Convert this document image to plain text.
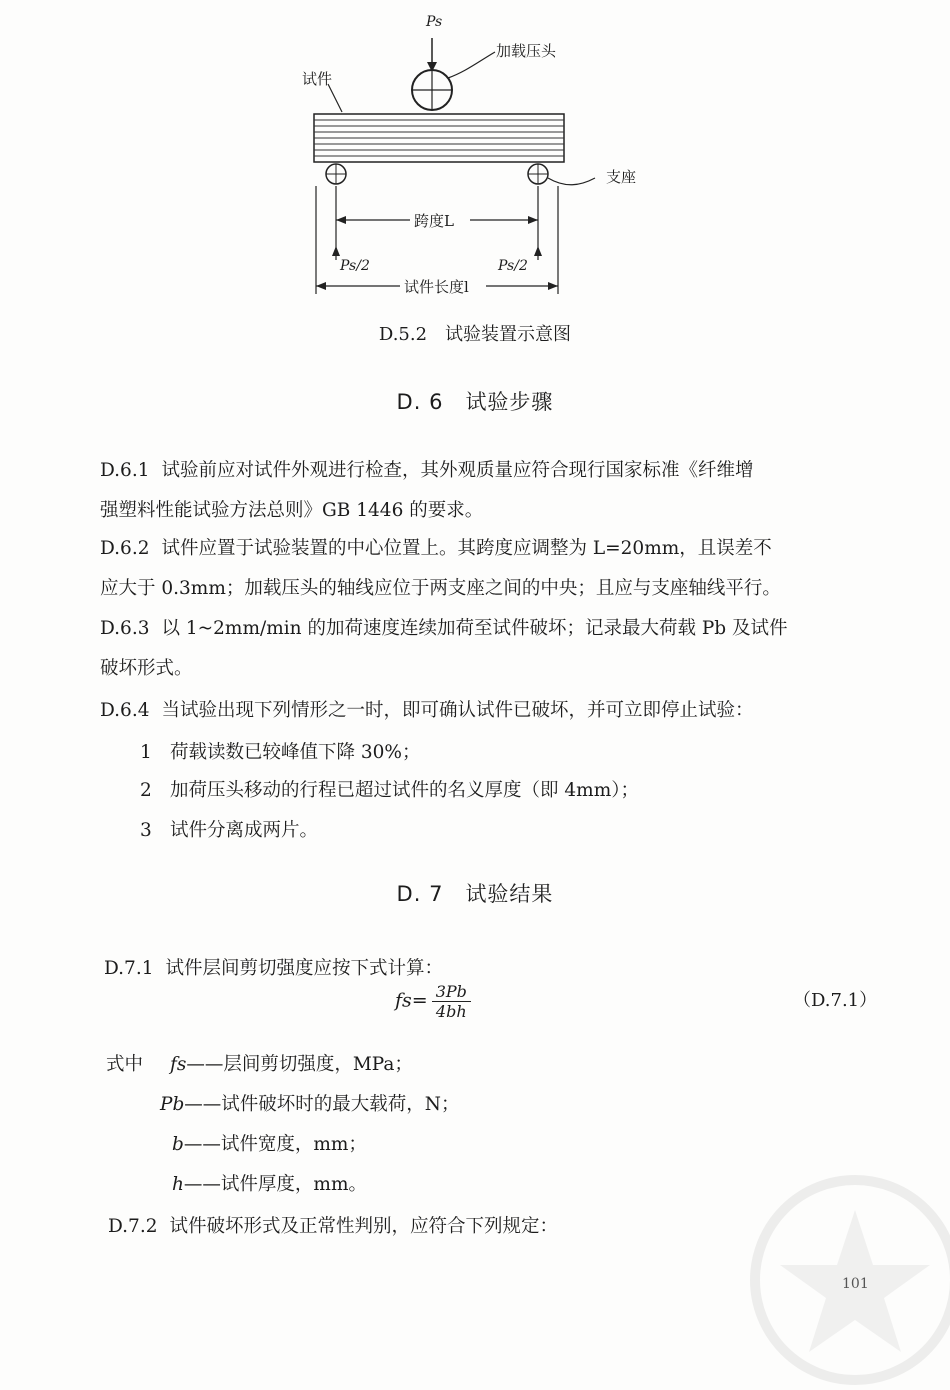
Ps
加载压头
试件
支座
跨度L
Ps/2	Ps/2
试件长度l
D.5.2　试验装置示意图
D. 6 试验步骤
D.6.1 试验前应对试件外观进行检查，其外观质量应符合现行国家标准《纤维增
强塑料性能试验方法总则》GB 1446 的要求。
D.6.2 试件应置于试验装置的中心位置上。其跨度应调整为 L=20mm，且误差不
应大于 0.3mm；加载压头的轴线应位于两支座之间的中央；且应与支座轴线平行。
D.6.3 以 1~2mm/min 的加荷速度连续加荷至试件破坏；记录最大荷载 Pb 及试件
破坏形式。
D.6.4 当试验出现下列情形之一时，即可确认试件已破坏，并可立即停止试验：
1 荷载读数已较峰值下降 30%；
2 加荷压头移动的行程已超过试件的名义厚度（即 4mm）；
3 试件分离成两片。
D. 7 试验结果
D.7.1 试件层间剪切强度应按下式计算：
$fs= \frac{3Pb}{4bh}$	（D.7.1）
式中 fs——层间剪切强度，MPa；
Pb——试件破坏时的最大载荷，N；
b——试件宽度，mm；
h——试件厚度，mm。
D.7.2 试件破坏形式及正常性判别，应符合下列规定：
101
